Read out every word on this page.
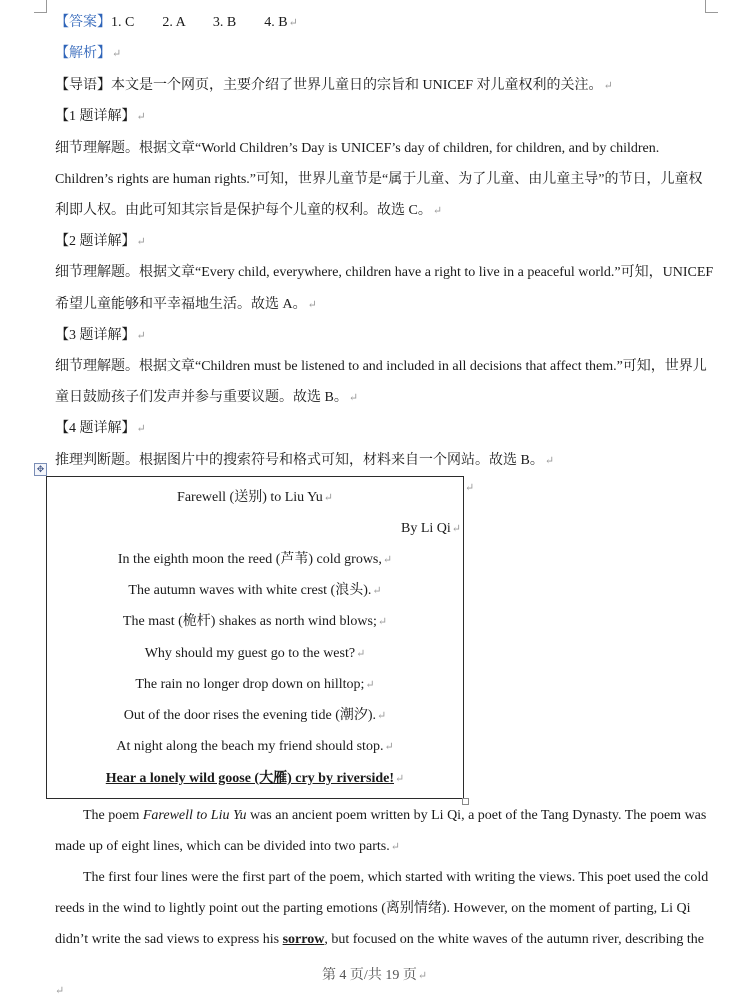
【答案】1. C　　2. A　　3. B　　4. B↵
【解析】↵
【导语】本文是一个网页，主要介绍了世界儿童日的宗旨和 UNICEF 对儿童权利的关注。↵
【1 题详解】↵
细节理解题。根据文章“World Children’s Day is UNICEF’s day of children, for children, and by children.
Children’s rights are human rights.”可知，世界儿童节是“属于儿童、为了儿童、由儿童主导”的节日，儿童权
利即人权。由此可知其宗旨是保护每个儿童的权利。故选 C。↵
【2 题详解】↵
细节理解题。根据文章“Every child, everywhere, children have a right to live in a peaceful world.”可知，UNICEF
希望儿童能够和平幸福地生活。故选 A。↵
【3 题详解】↵
细节理解题。根据文章“Children must be listened to and included in all decisions that affect them.”可知，世界儿
童日鼓励孩子们发声并参与重要议题。故选 B。↵
【4 题详解】↵
推理判断题。根据图片中的搜索符号和格式可知，材料来自一个网站。故选 B。↵
✥
Farewell (送别) to Liu Yu↵
By Li Qi↵
In the eighth moon the reed (芦苇) cold grows,↵
The autumn waves with white crest (浪头).↵
The mast (桅杆) shakes as north wind blows;↵
Why should my guest go to the west?↵
The rain no longer drop down on hilltop;↵
Out of the door rises the evening tide (潮汐).↵
At night along the beach my friend should stop.↵
Hear a lonely wild goose (大雁) cry by riverside!↵
↵
The poem Farewell to Liu Yu was an ancient poem written by Li Qi, a poet of the Tang Dynasty. The poem was
made up of eight lines, which can be divided into two parts.↵
The first four lines were the first part of the poem, which started with writing the views. This poet used the cold
reeds in the wind to lightly point out the parting emotions (离别情绪). However, on the moment of parting, Li Qi
didn’t write the sad views to express his sorrow, but focused on the white waves of the autumn river, describing the
第 4 页/共 19 页↵
↵
